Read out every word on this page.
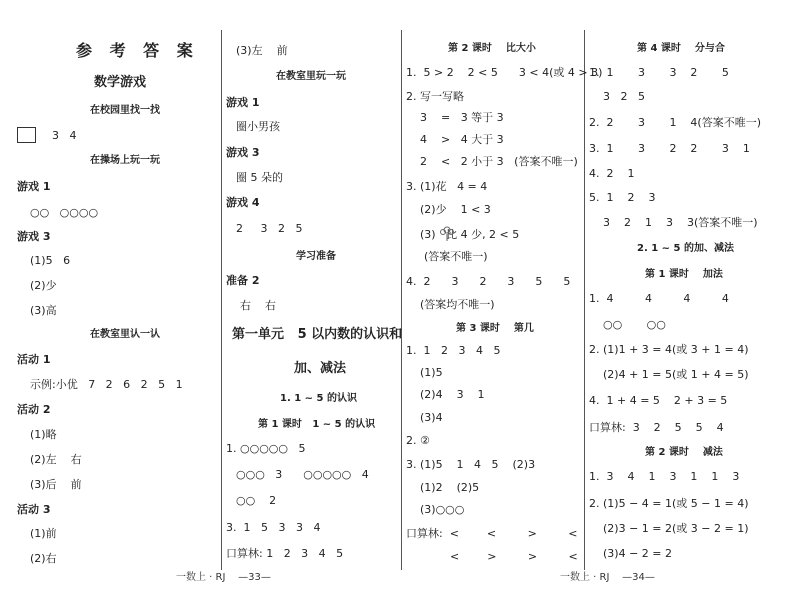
参 考 答 案
数学游戏
在校园里找一找
3   4
在操场上玩一玩
游戏 1
○○   ○○○○
游戏 3
(1)5   6
(2)少
(3)高
在教室里认一认
活动 1
示例:小优   7   2   6   2   5   1
活动 2
(1)略
(2)左    右
(3)后    前
活动 3
(1)前
(2)右
(3)左    前
在教室里玩一玩
游戏 1
圈小男孩
游戏 3
圈 5 朵的
游戏 4
2     3   2   5
学习准备
准备 2
右    右
第一单元   5 以内数的认识和
加、减法
1. 1 ~ 5 的认识
第 1 课时   1 ~ 5 的认识
1. ○○○○○   5
○○○   3      ○○○○○   4
○○    2
3.  1   5   3   3   4
口算林: 1   2   3   4   5
第 2 课时    比大小
1.  5 > 2    2 < 5      3 < 4(或 4 > 3)
2. 写一写略
3    =   3 等于 3
4    >   4 大于 3
2    <   2 小于 3   (答案不唯一)
3. (1)花   4 = 4
(2)少    1 < 3
(3)   比 4 少, 2 < 5
(答案不唯一)
4.  2      3      2      3      5      5
(答案均不唯一)
第 3 课时    第几
1.  1   2   3   4   5
(1)5
(2)4    3    1
(3)4
2. ②
3. (1)5    1   4   5    (2)3
(1)2    (2)5
(3)○○○
口算林:  <        <         >         <
<        >         >         <
第 4 课时    分与合
1.  1       3       3    2       5
3   2   5
2.  2       3       1    4(答案不唯一)
3.  1       3       2    2       3    1
4.  2    1
5.  1    2    3
3    2    1    3    3(答案不唯一)
2. 1 ~ 5 的加、减法
第 1 课时    加法
1.  4         4         4         4
○○       ○○
2. (1)1 + 3 = 4(或 3 + 1 = 4)
(2)4 + 1 = 5(或 1 + 4 = 5)
4.  1 + 4 = 5    2 + 3 = 5
口算林:  3    2    5    5    4
第 2 课时    减法
1.  3    4    1    3    1    1    3
2. (1)5 − 4 = 1(或 5 − 1 = 4)
(2)3 − 1 = 2(或 3 − 2 = 1)
(3)4 − 2 = 2
一数上 · RJ    —33—	一数上 · RJ    —34—
